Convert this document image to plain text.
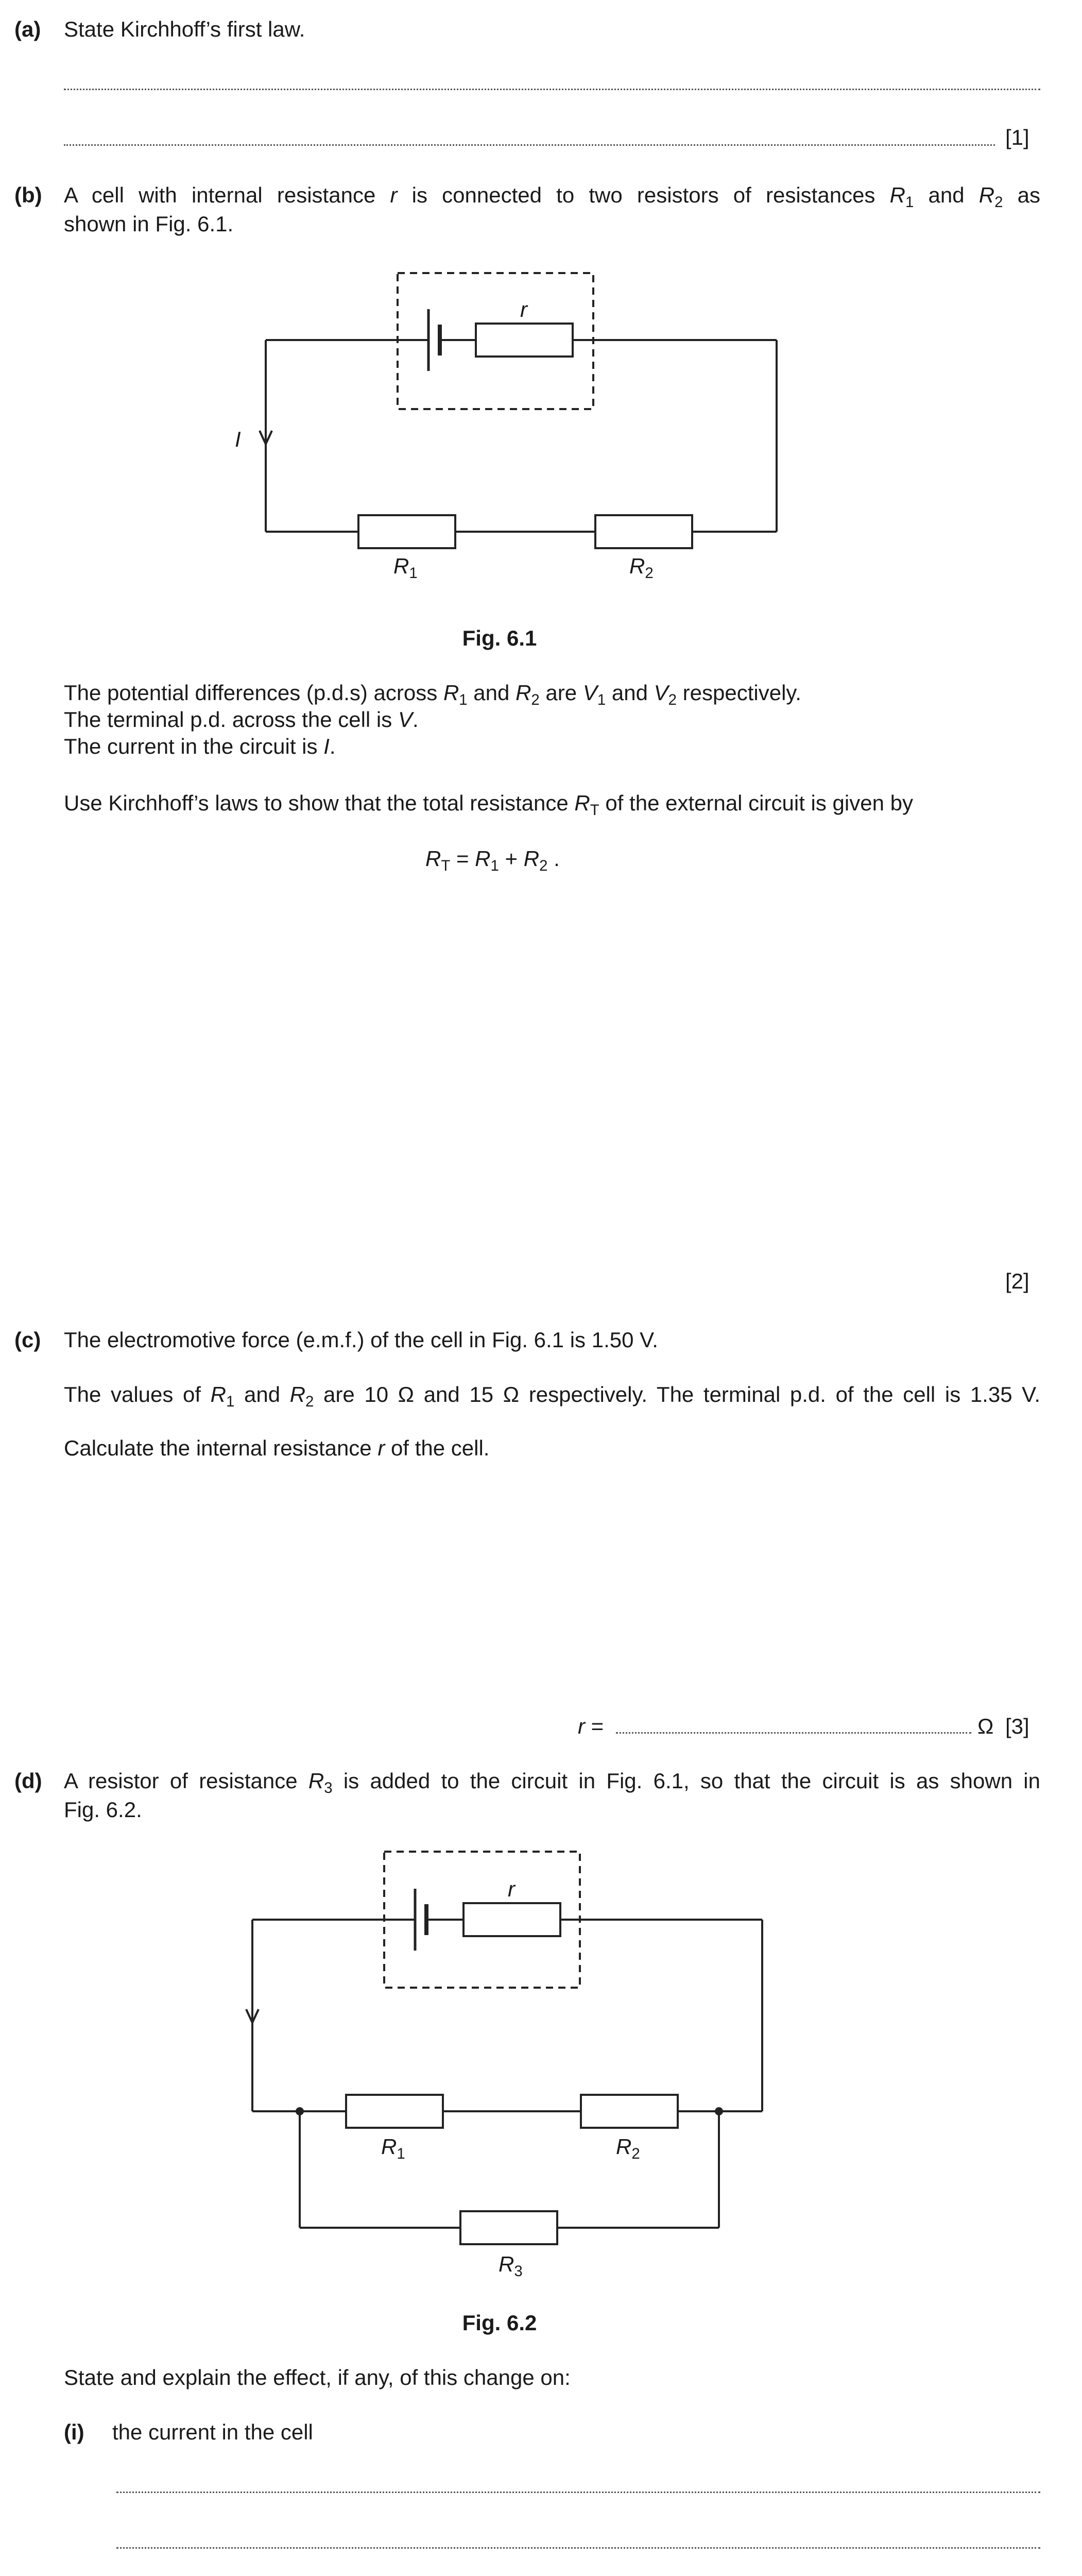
(a) State Kirchhoff’s first law.
[1]
(b) A cell with internal resistance r is connected to two resistors of resistances $R_1$ and $R_2$ as
shown in Fig. 6.1.
r
I
$R_1$	$R_2$
Fig. 6.1
The potential differences (p.d.s) across $R_1$ and $R_2$ are $V_1$ and $V_2$ respectively.
The terminal p.d. across the cell is V.
The current in the circuit is I.
Use Kirchhoff’s laws to show that the total resistance $R_T$ of the external circuit is given by
$R_T = R_1 + R_2$ .
[2]
(c) The electromotive force (e.m.f.) of the cell in Fig. 6.1 is 1.50 V.
The values of $R_1$ and $R_2$ are 10 Ω and 15 Ω respectively. The terminal p.d. of the cell is 1.35 V.
Calculate the internal resistance r of the cell.
r =	Ω [3]
(d) A resistor of resistance $R_3$ is added to the circuit in Fig. 6.1, so that the circuit is as shown in
Fig. 6.2.
r
$R_1$	$R_2$
$R_3$
Fig. 6.2
State and explain the effect, if any, of this change on:
(i) the current in the cell
